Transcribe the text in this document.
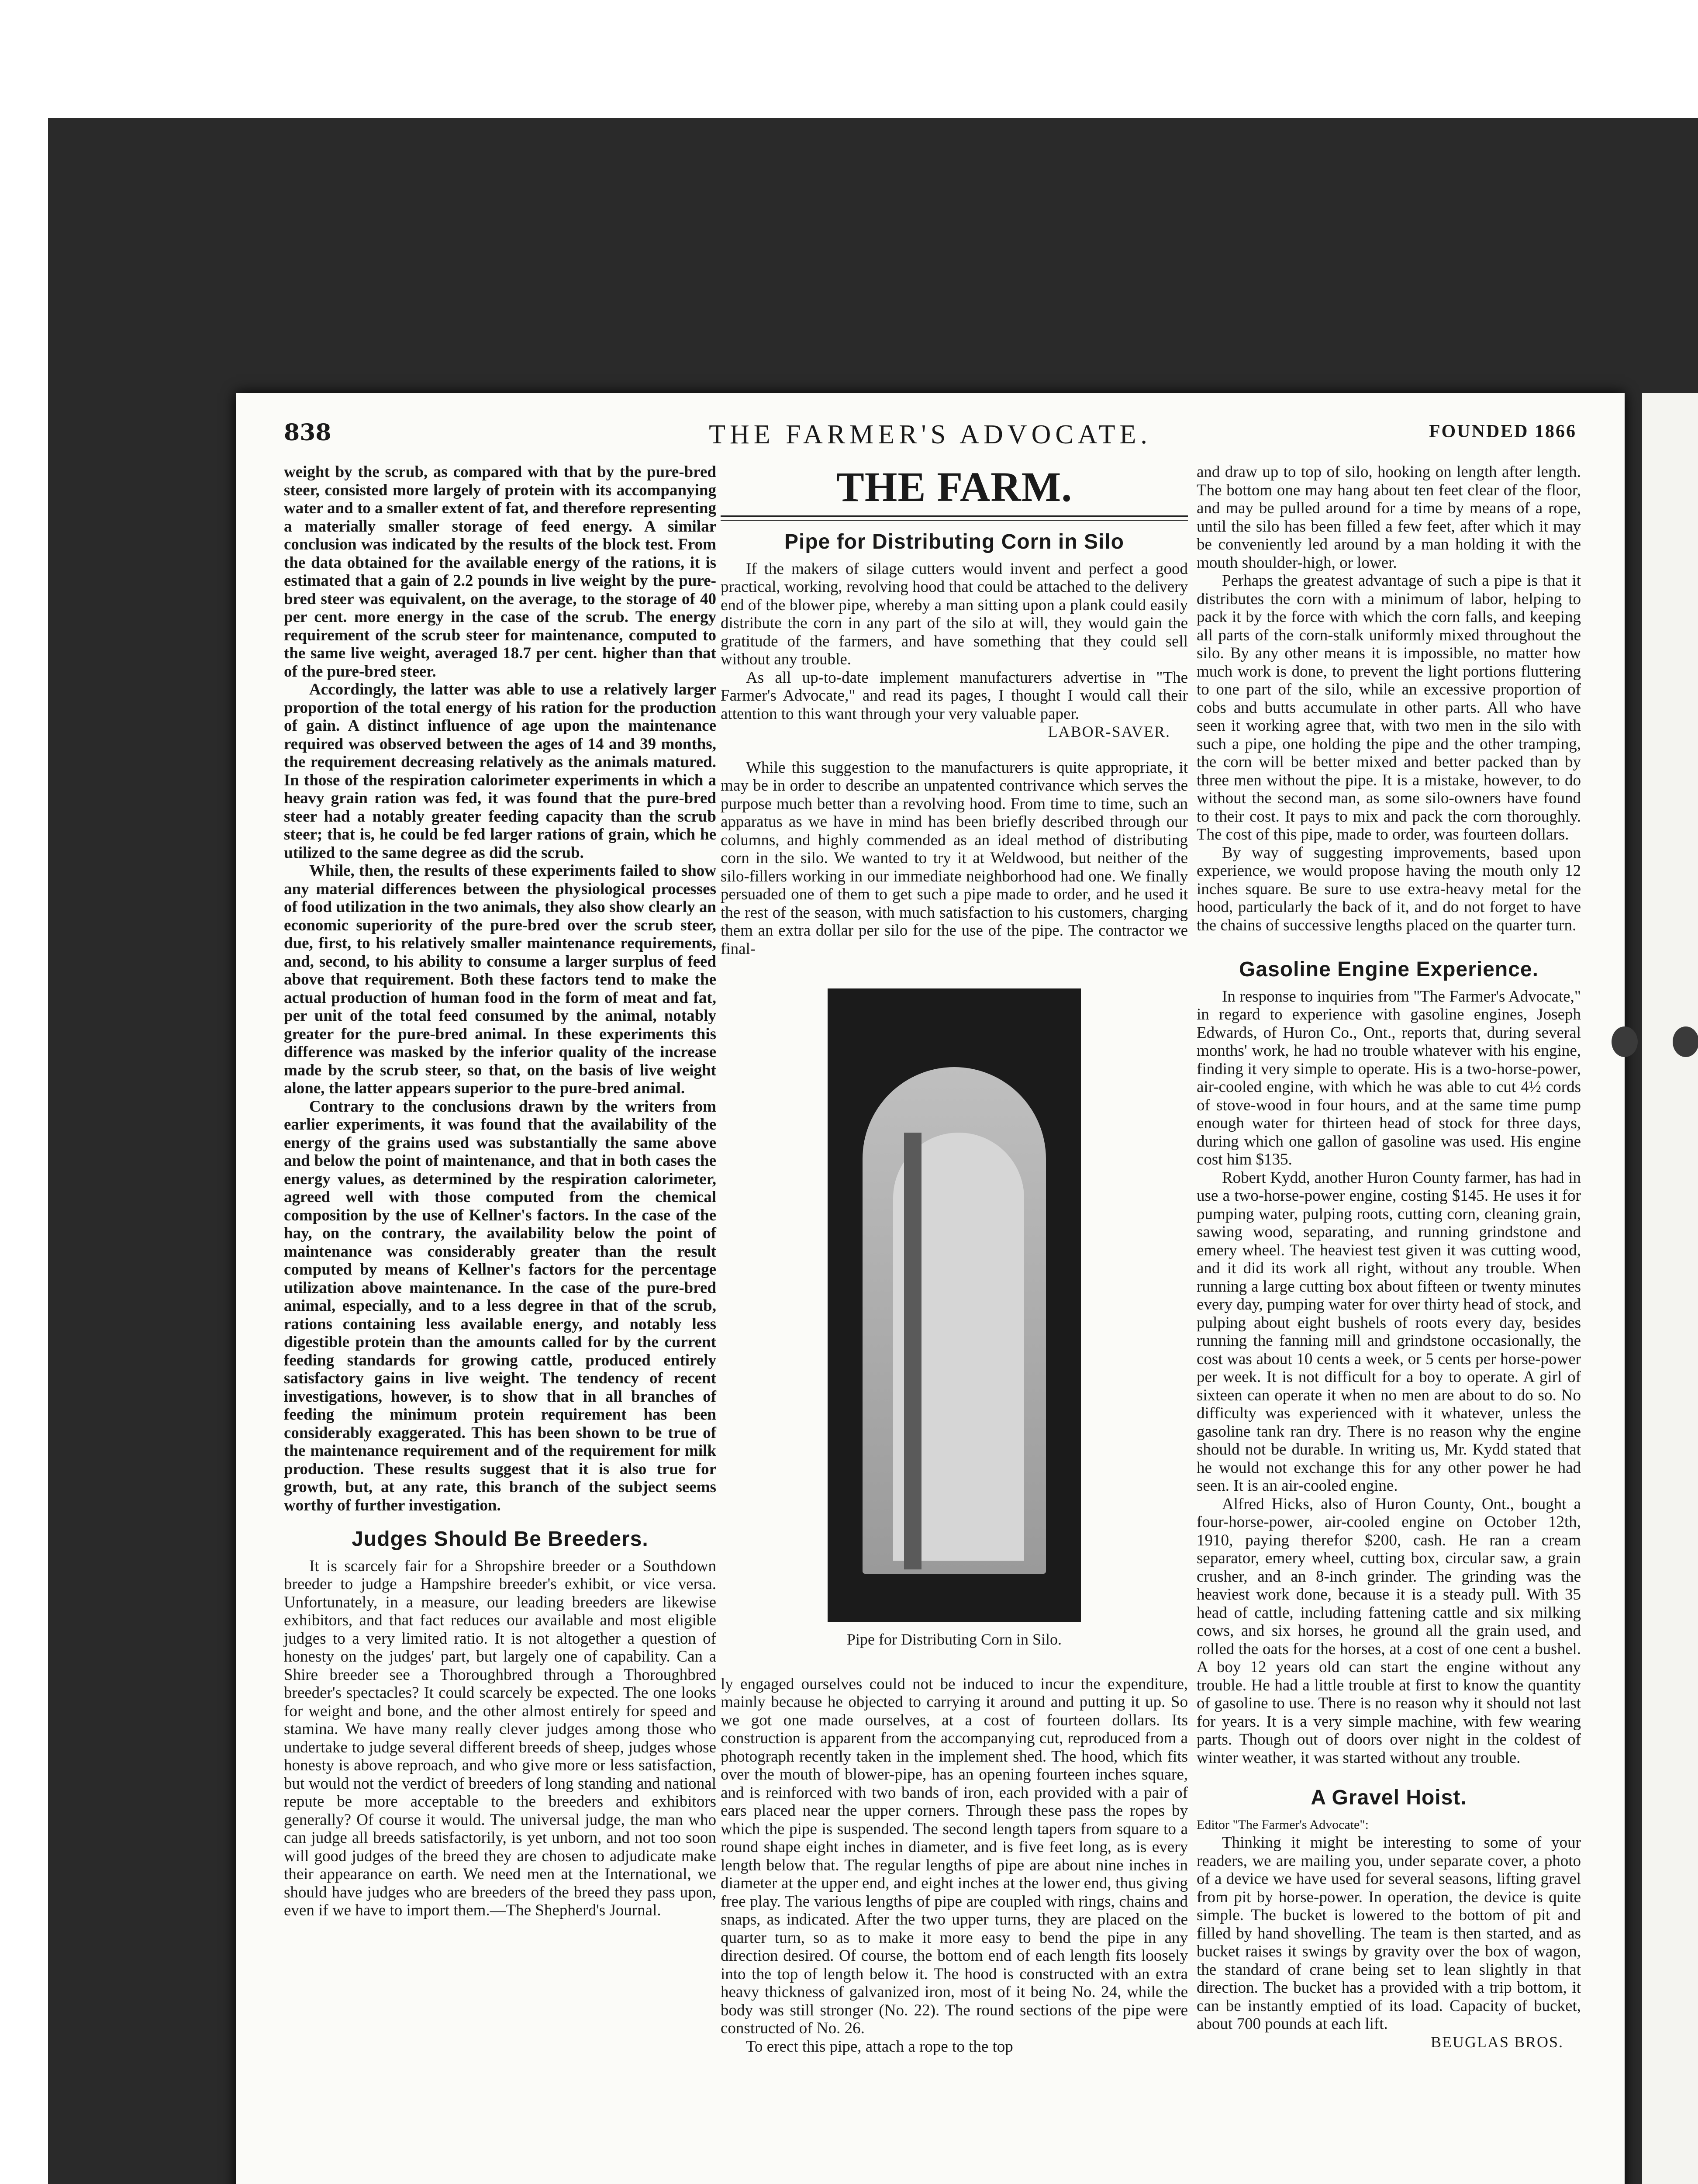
838	THE FARMER'S ADVOCATE.	FOUNDED 1866

weight by the scrub, as compared with that by the pure-bred steer, consisted more largely of protein with its accompanying water and to a smaller extent of fat, and therefore representing a materially smaller storage of feed energy. A similar conclusion was indicated by the results of the block test. From the data obtained for the available energy of the rations, it is estimated that a gain of 2.2 pounds in live weight by the pure-bred steer was equivalent, on the average, to the storage of 40 per cent. more energy in the case of the scrub. The energy requirement of the scrub steer for maintenance, computed to the same live weight, averaged 18.7 per cent. higher than that of the pure-bred steer.

Accordingly, the latter was able to use a relatively larger proportion of the total energy of his ration for the production of gain. A distinct influence of age upon the maintenance required was observed between the ages of 14 and 39 months, the requirement decreasing relatively as the animals matured. In those of the respiration calorimeter experiments in which a heavy grain ration was fed, it was found that the pure-bred steer had a notably greater feeding capacity than the scrub steer; that is, he could be fed larger rations of grain, which he utilized to the same degree as did the scrub.

While, then, the results of these experiments failed to show any material differences between the physiological processes of food utilization in the two animals, they also show clearly an economic superiority of the pure-bred over the scrub steer, due, first, to his relatively smaller maintenance requirements, and, second, to his ability to consume a larger surplus of feed above that requirement. Both these factors tend to make the actual production of human food in the form of meat and fat, per unit of the total feed consumed by the animal, notably greater for the pure-bred animal. In these experiments this difference was masked by the inferior quality of the increase made by the scrub steer, so that, on the basis of live weight alone, the latter appears superior to the pure-bred animal.

Contrary to the conclusions drawn by the writers from earlier experiments, it was found that the availability of the energy of the grains used was substantially the same above and below the point of maintenance, and that in both cases the energy values, as determined by the respiration calorimeter, agreed well with those computed from the chemical composition by the use of Kellner's factors. In the case of the hay, on the contrary, the availability below the point of maintenance was considerably greater than the result computed by means of Kellner's factors for the percentage utilization above maintenance. In the case of the pure-bred animal, especially, and to a less degree in that of the scrub, rations containing less available energy, and notably less digestible protein than the amounts called for by the current feeding standards for growing cattle, produced entirely satisfactory gains in live weight. The tendency of recent investigations, however, is to show that in all branches of feeding the minimum protein requirement has been considerably exaggerated. This has been shown to be true of the maintenance requirement and of the requirement for milk production. These results suggest that it is also true for growth, but, at any rate, this branch of the subject seems worthy of further investigation.

Judges Should Be Breeders.

It is scarcely fair for a Shropshire breeder or a Southdown breeder to judge a Hampshire breeder's exhibit, or vice versa. Unfortunately, in a measure, our leading breeders are likewise exhibitors, and that fact reduces our available and most eligible judges to a very limited ratio. It is not altogether a question of honesty on the judges' part, but largely one of capability. Can a Shire breeder see a Thoroughbred through a Thoroughbred breeder's spectacles? It could scarcely be expected. The one looks for weight and bone, and the other almost entirely for speed and stamina. We have many really clever judges among those who undertake to judge several different breeds of sheep, judges whose honesty is above reproach, and who give more or less satisfaction, but would not the verdict of breeders of long standing and national repute be more acceptable to the breeders and exhibitors generally? Of course it would. The universal judge, the man who can judge all breeds satisfactorily, is yet unborn, and not too soon will good judges of the breed they are chosen to adjudicate make their appearance on earth. We need men at the International, we should have judges who are breeders of the breed they pass upon, even if we have to import them.—The Shepherd's Journal.

THE FARM.
Pipe for Distributing Corn in Silo

If the makers of silage cutters would invent and perfect a good practical, working, revolving hood that could be attached to the delivery end of the blower pipe, whereby a man sitting upon a plank could easily distribute the corn in any part of the silo at will, they would gain the gratitude of the farmers, and have something that they could sell without any trouble.

As all up-to-date implement manufacturers advertise in "The Farmer's Advocate," and read its pages, I thought I would call their attention to this want through your very valuable paper.

LABOR-SAVER.

While this suggestion to the manufacturers is quite appropriate, it may be in order to describe an unpatented contrivance which serves the purpose much better than a revolving hood. From time to time, such an apparatus as we have in mind has been briefly described through our columns, and highly commended as an ideal method of distributing corn in the silo. We wanted to try it at Weldwood, but neither of the silo-fillers working in our immediate neighborhood had one. We finally persuaded one of them to get such a pipe made to order, and he used it the rest of the season, with much satisfaction to his customers, charging them an extra dollar per silo for the use of the pipe. The contractor we final-

Pipe for Distributing Corn in Silo.

ly engaged ourselves could not be induced to incur the expenditure, mainly because he objected to carrying it around and putting it up. So we got one made ourselves, at a cost of fourteen dollars. Its construction is apparent from the accompanying cut, reproduced from a photograph recently taken in the implement shed. The hood, which fits over the mouth of blower-pipe, has an opening fourteen inches square, and is reinforced with two bands of iron, each provided with a pair of ears placed near the upper corners. Through these pass the ropes by which the pipe is suspended. The second length tapers from square to a round shape eight inches in diameter, and is five feet long, as is every length below that. The regular lengths of pipe are about nine inches in diameter at the upper end, and eight inches at the lower end, thus giving free play. The various lengths of pipe are coupled with rings, chains and snaps, as indicated. After the two upper turns, they are placed on the quarter turn, so as to make it more easy to bend the pipe in any direction desired. Of course, the bottom end of each length fits loosely into the top of length below it. The hood is constructed with an extra heavy thickness of galvanized iron, most of it being No. 24, while the body was still stronger (No. 22). The round sections of the pipe were constructed of No. 26.

To erect this pipe, attach a rope to the top

and draw up to top of silo, hooking on length after length. The bottom one may hang about ten feet clear of the floor, and may be pulled around for a time by means of a rope, until the silo has been filled a few feet, after which it may be conveniently led around by a man holding it with the mouth shoulder-high, or lower.

Perhaps the greatest advantage of such a pipe is that it distributes the corn with a minimum of labor, helping to pack it by the force with which the corn falls, and keeping all parts of the corn-stalk uniformly mixed throughout the silo. By any other means it is impossible, no matter how much work is done, to prevent the light portions fluttering to one part of the silo, while an excessive proportion of cobs and butts accumulate in other parts. All who have seen it working agree that, with two men in the silo with such a pipe, one holding the pipe and the other tramping, the corn will be better mixed and better packed than by three men without the pipe. It is a mistake, however, to do without the second man, as some silo-owners have found to their cost. It pays to mix and pack the corn thoroughly. The cost of this pipe, made to order, was fourteen dollars.

By way of suggesting improvements, based upon experience, we would propose having the mouth only 12 inches square. Be sure to use extra-heavy metal for the hood, particularly the back of it, and do not forget to have the chains of successive lengths placed on the quarter turn.

Gasoline Engine Experience.

In response to inquiries from "The Farmer's Advocate," in regard to experience with gasoline engines, Joseph Edwards, of Huron Co., Ont., reports that, during several months' work, he had no trouble whatever with his engine, finding it very simple to operate. His is a two-horse-power, air-cooled engine, with which he was able to cut 4½ cords of stove-wood in four hours, and at the same time pump enough water for thirteen head of stock for three days, during which one gallon of gasoline was used. His engine cost him $135.

Robert Kydd, another Huron County farmer, has had in use a two-horse-power engine, costing $145. He uses it for pumping water, pulping roots, cutting corn, cleaning grain, sawing wood, separating, and running grindstone and emery wheel. The heaviest test given it was cutting wood, and it did its work all right, without any trouble. When running a large cutting box about fifteen or twenty minutes every day, pumping water for over thirty head of stock, and pulping about eight bushels of roots every day, besides running the fanning mill and grindstone occasionally, the cost was about 10 cents a week, or 5 cents per horse-power per week. It is not difficult for a boy to operate. A girl of sixteen can operate it when no men are about to do so. No difficulty was experienced with it whatever, unless the gasoline tank ran dry. There is no reason why the engine should not be durable. In writing us, Mr. Kydd stated that he would not exchange this for any other power he had seen. It is an air-cooled engine.

Alfred Hicks, also of Huron County, Ont., bought a four-horse-power, air-cooled engine on October 12th, 1910, paying therefor $200, cash. He ran a cream separator, emery wheel, cutting box, circular saw, a grain crusher, and an 8-inch grinder. The grinding was the heaviest work done, because it is a steady pull. With 35 head of cattle, including fattening cattle and six milking cows, and six horses, he ground all the grain used, and rolled the oats for the horses, at a cost of one cent a bushel. A boy 12 years old can start the engine without any trouble. He had a little trouble at first to know the quantity of gasoline to use. There is no reason why it should not last for years. It is a very simple machine, with few wearing parts. Though out of doors over night in the coldest of winter weather, it was started without any trouble.

A Gravel Hoist.

Editor "The Farmer's Advocate":

Thinking it might be interesting to some of your readers, we are mailing you, under separate cover, a photo of a device we have used for several seasons, lifting gravel from pit by horse-power. In operation, the device is quite simple. The bucket is lowered to the bottom of pit and filled by hand shovelling. The team is then started, and as bucket raises it swings by gravity over the box of wagon, the standard of crane being set to lean slightly in that direction. The bucket has a provided with a trip bottom, it can be instantly emptied of its load. Capacity of bucket, about 700 pounds at each lift.

BEUGLAS BROS.
